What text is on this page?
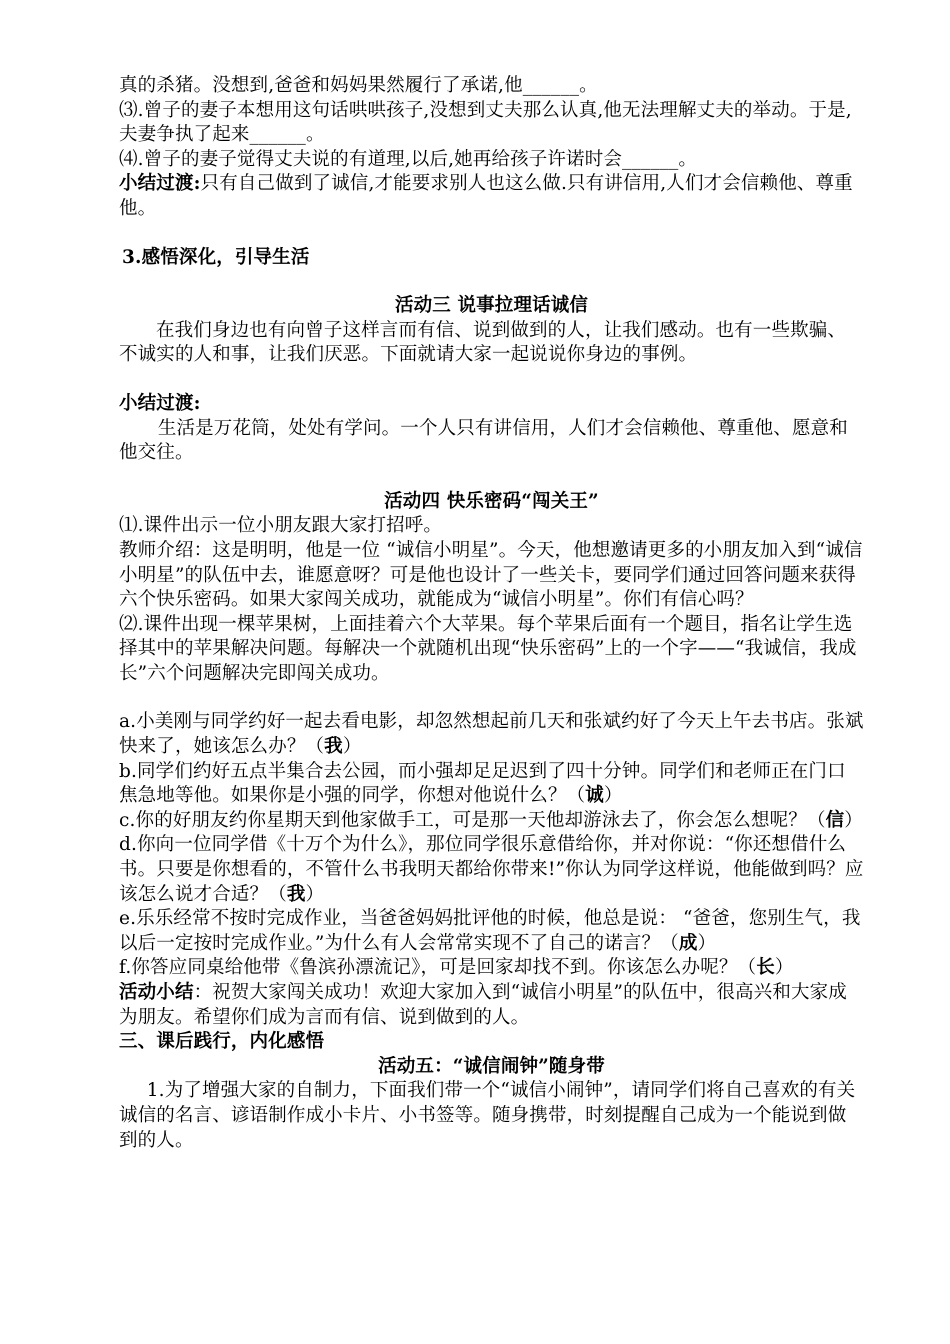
真的杀猪。没想到,爸爸和妈妈果然履行了承诺,他______。

⑶.曾子的妻子本想用这句话哄哄孩子,没想到丈夫那么认真,他无法理解丈夫的举动。于是,夫妻争执了起来______。

⑷.曾子的妻子觉得丈夫说的有道理,以后,她再给孩子许诺时会______。

小结过渡:只有自己做到了诚信,才能要求别人也这么做.只有讲信用,人们才会信赖他、尊重他。

3.感悟深化，引导生活

活动三 说事拉理话诚信

在我们身边也有向曾子这样言而有信、说到做到的人，让我们感动。也有一些欺骗、不诚实的人和事，让我们厌恶。下面就请大家一起说说你身边的事例。

小结过渡:

生活是万花筒，处处有学问。一个人只有讲信用，人们才会信赖他、尊重他、愿意和他交往。

活动四 快乐密码“闯关王”

⑴.课件出示一位小朋友跟大家打招呼。

教师介绍：这是明明，他是一位 “诚信小明星”。今天，他想邀请更多的小朋友加入到“诚信小明星”的队伍中去，谁愿意呀？可是他也设计了一些关卡，要同学们通过回答问题来获得六个快乐密码。如果大家闯关成功，就能成为“诚信小明星”。你们有信心吗？

⑵.课件出现一棵苹果树，上面挂着六个大苹果。每个苹果后面有一个题目，指名让学生选择其中的苹果解决问题。每解决一个就随机出现“快乐密码”上的一个字——“我诚信，我成长”六个问题解决完即闯关成功。

a.小美刚与同学约好一起去看电影，却忽然想起前几天和张斌约好了今天上午去书店。张斌快来了，她该怎么办？（我）

b.同学们约好五点半集合去公园，而小强却足足迟到了四十分钟。同学们和老师正在门口焦急地等他。如果你是小强的同学，你想对他说什么？（诚）

c.你的好朋友约你星期天到他家做手工，可是那一天他却游泳去了，你会怎么想呢？（信）

d.你向一位同学借《十万个为什么》，那位同学很乐意借给你，并对你说：“你还想借什么书。只要是你想看的，不管什么书我明天都给你带来!”你认为同学这样说，他能做到吗？应该怎么说才合适？（我）

e.乐乐经常不按时完成作业，当爸爸妈妈批评他的时候，他总是说： “爸爸，您别生气，我以后一定按时完成作业。”为什么有人会常常实现不了自己的诺言？（成）

f.你答应同桌给他带《鲁滨孙漂流记》，可是回家却找不到。你该怎么办呢？（长）

活动小结：祝贺大家闯关成功！欢迎大家加入到“诚信小明星”的队伍中，很高兴和大家成为朋友。希望你们成为言而有信、说到做到的人。

三、课后践行，内化感悟

活动五：“诚信闹钟”随身带

1.为了增强大家的自制力，下面我们带一个“诚信小闹钟”，请同学们将自己喜欢的有关诚信的名言、谚语制作成小卡片、小书签等。随身携带，时刻提醒自己成为一个能说到做到的人。
